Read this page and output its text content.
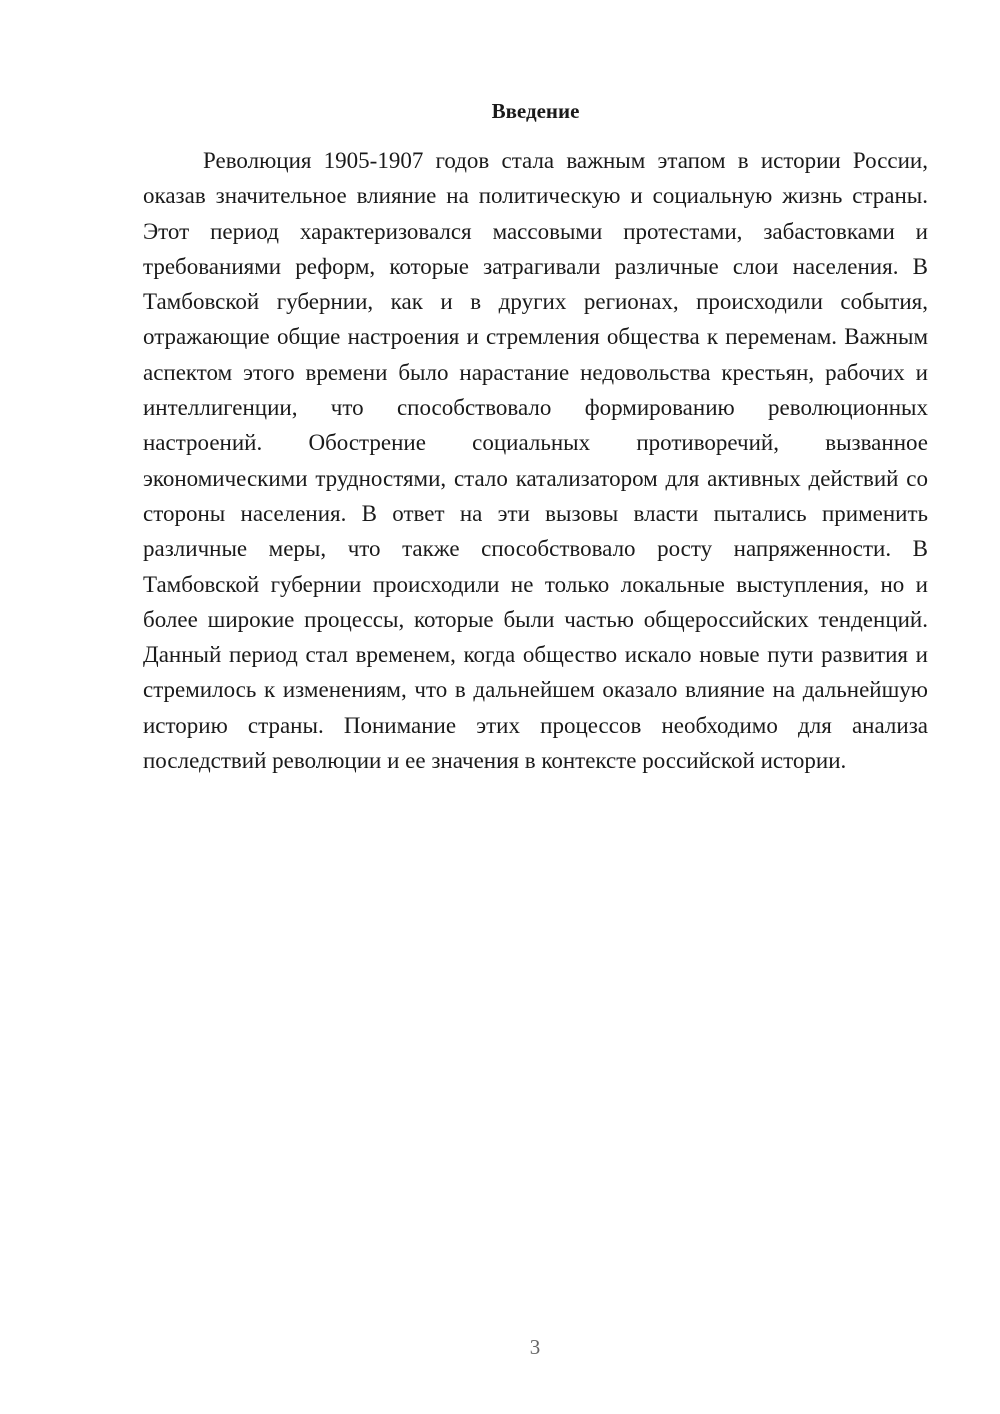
Введение

Революция 1905-1907 годов стала важным этапом в истории России, оказав значительное влияние на политическую и социальную жизнь страны. Этот период характеризовался массовыми протестами, забастовками и требованиями реформ, которые затрагивали различные слои населения. В Тамбовской губернии, как и в других регионах, происходили события, отражающие общие настроения и стремления общества к переменам. Важным аспектом этого времени было нарастание недовольства крестьян, рабочих и интеллигенции, что способствовало формированию революционных настроений. Обострение социальных противоречий, вызванное экономическими трудностями, стало катализатором для активных действий со стороны населения. В ответ на эти вызовы власти пытались применить различные меры, что также способствовало росту напряженности. В Тамбовской губернии происходили не только локальные выступления, но и более широкие процессы, которые были частью общероссийских тенденций. Данный период стал временем, когда общество искало новые пути развития и стремилось к изменениям, что в дальнейшем оказало влияние на дальнейшую историю страны. Понимание этих процессов необходимо для анализа последствий революции и ее значения в контексте российской истории.

3
